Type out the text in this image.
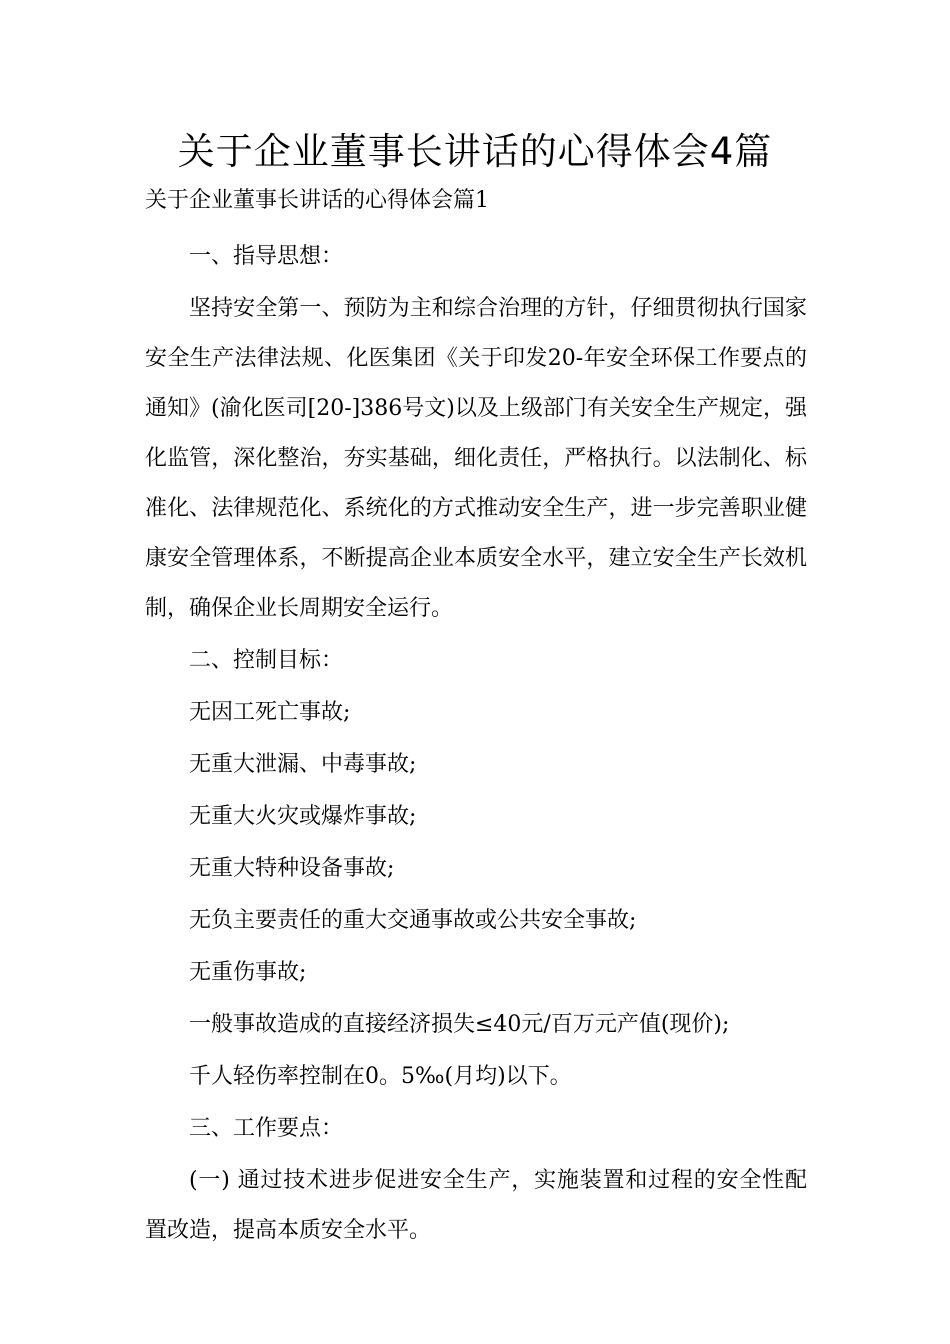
关于企业董事长讲话的心得体会4篇
关于企业董事长讲话的心得体会篇1

一、指导思想：

坚持安全第一、预防为主和综合治理的方针，仔细贯彻执行国家安全生产法律法规、化医集团《关于印发20-年安全环保工作要点的通知》(渝化医司[20-]386号文)以及上级部门有关安全生产规定，强化监管，深化整治，夯实基础，细化责任，严格执行。以法制化、标准化、法律规范化、系统化的方式推动安全生产，进一步完善职业健康安全管理体系，不断提高企业本质安全水平，建立安全生产长效机制，确保企业长周期安全运行。

二、控制目标：

无因工死亡事故;

无重大泄漏、中毒事故;

无重大火灾或爆炸事故;

无重大特种设备事故;

无负主要责任的重大交通事故或公共安全事故;

无重伤事故;

一般事故造成的直接经济损失≤40元/百万元产值(现价);

千人轻伤率控制在0。5‰(月均)以下。

三、工作要点：

(一) 通过技术进步促进安全生产，实施装置和过程的安全性配置改造，提高本质安全水平。
